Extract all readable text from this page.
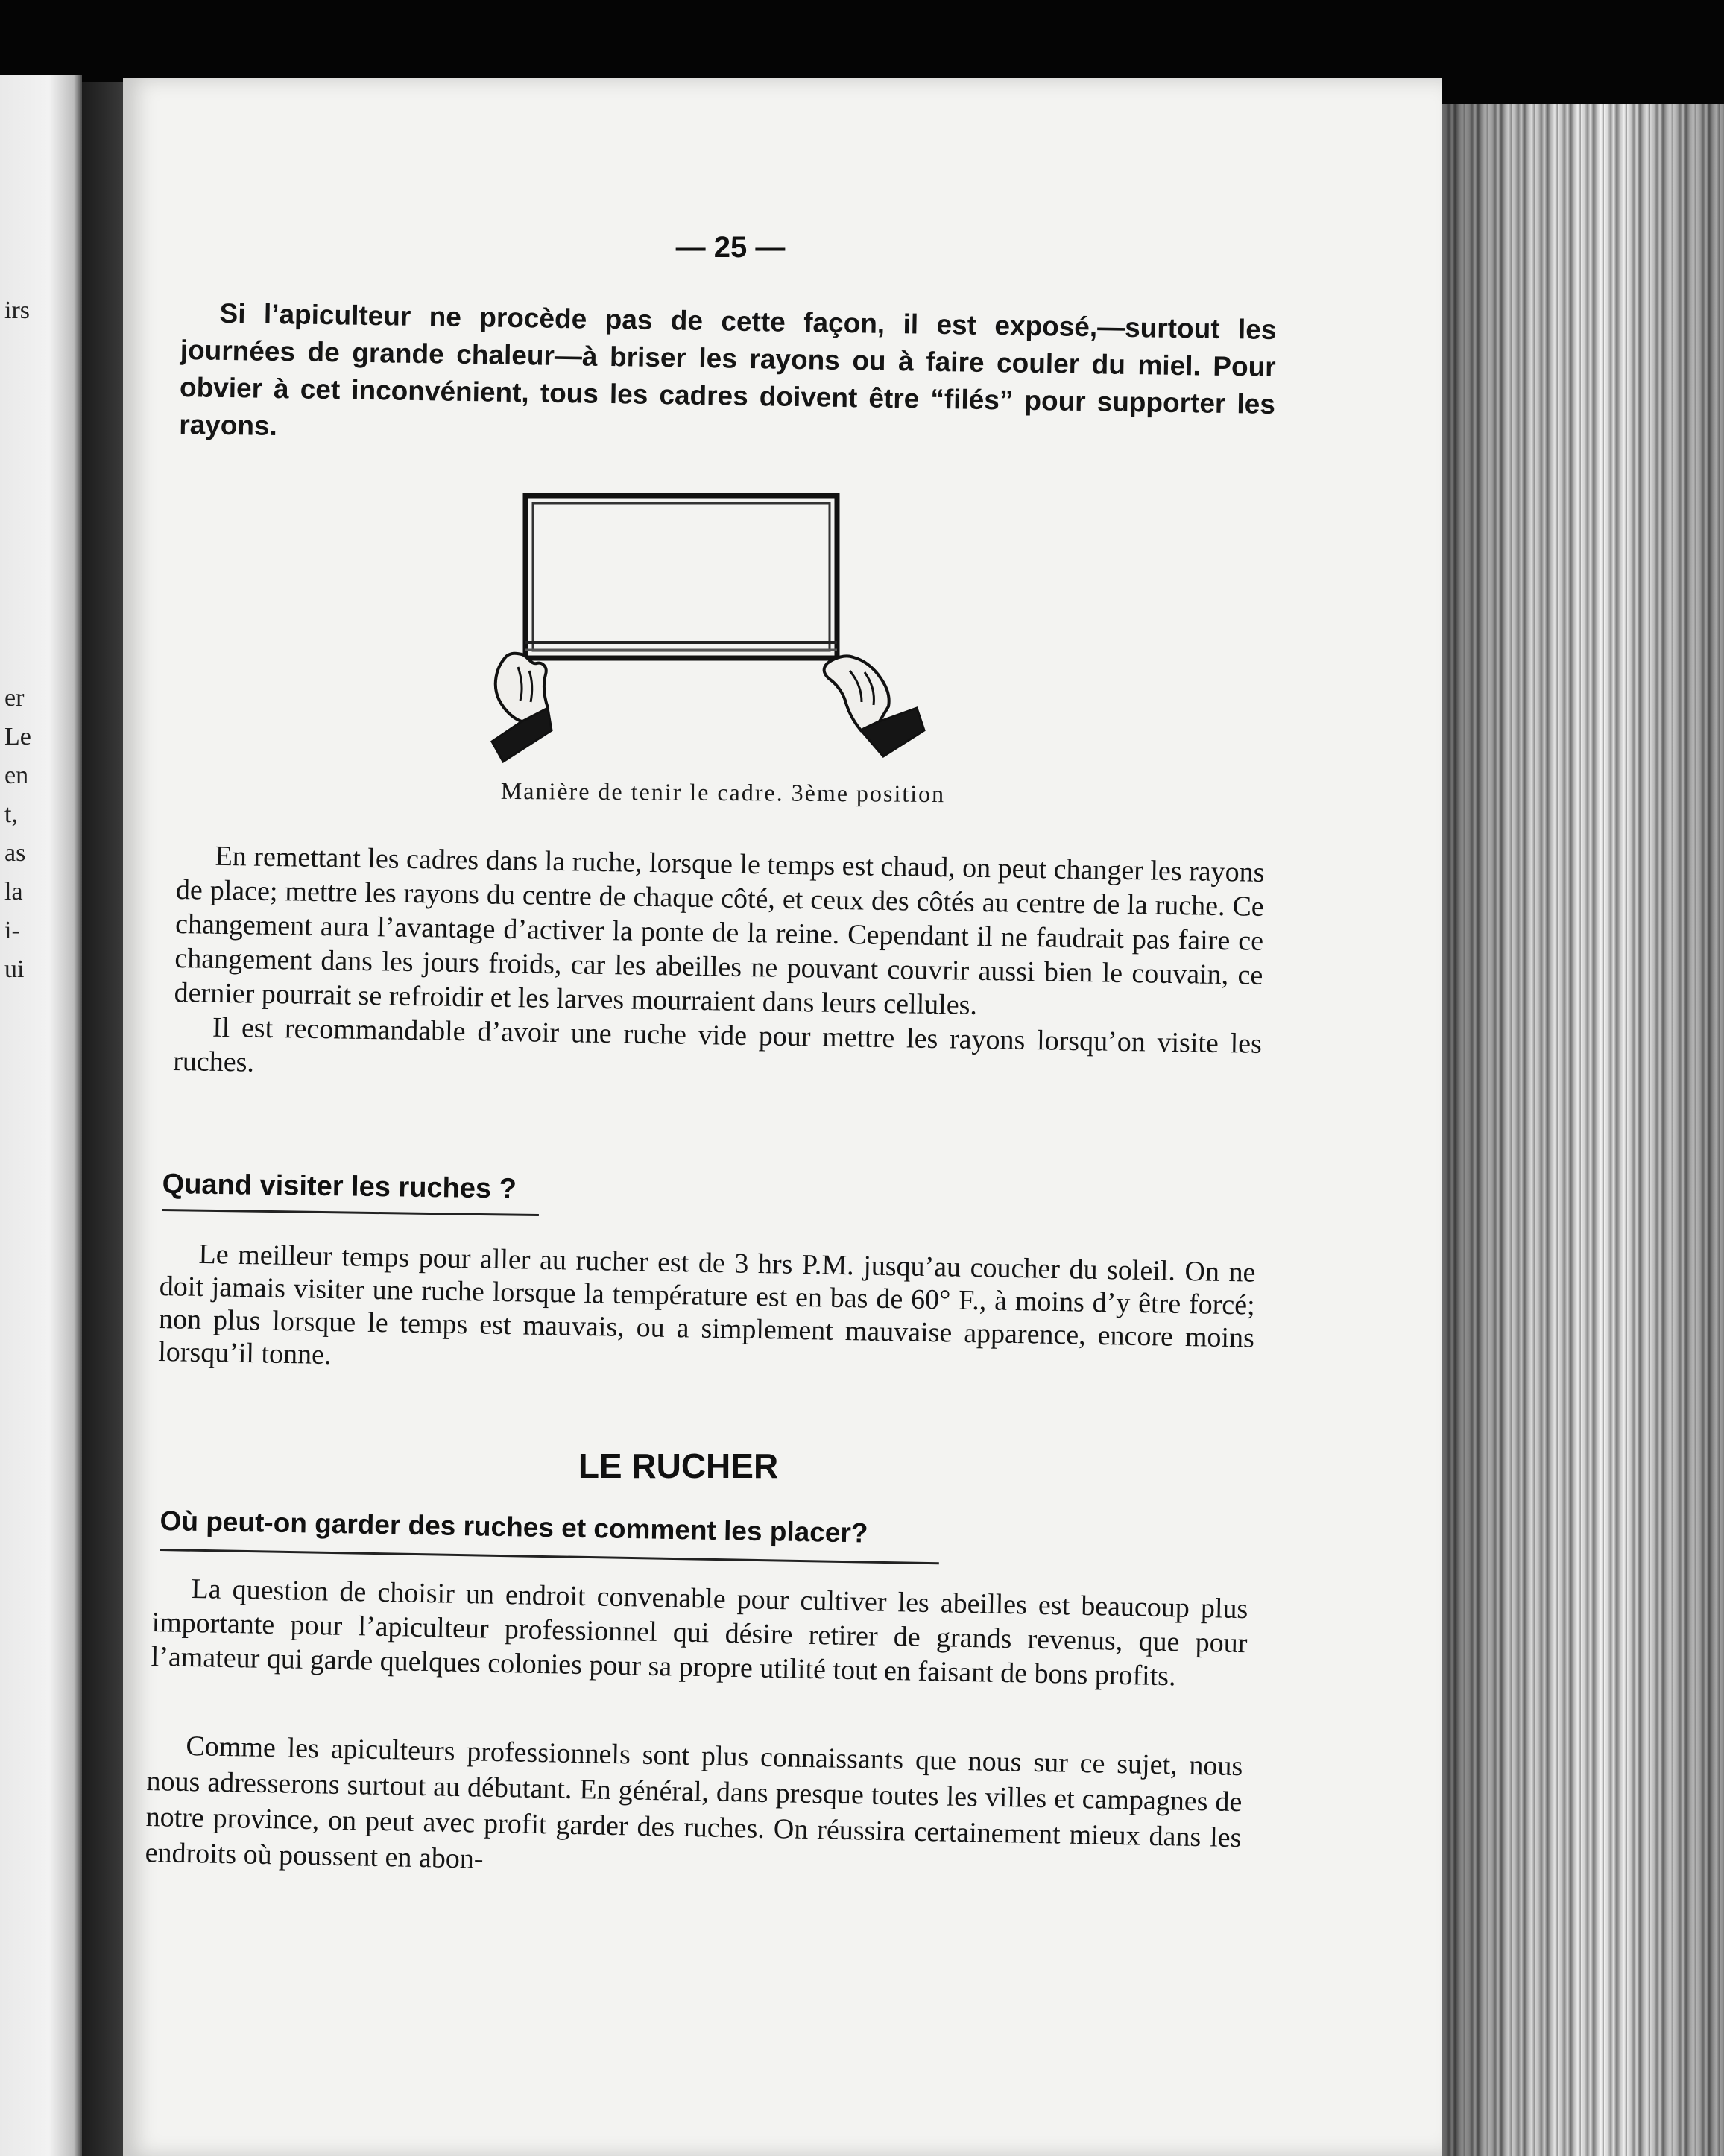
irs
er
Le
en
t,
as
la
i-
ui
— 25 —

Si l’apiculteur ne procède pas de cette façon, il est exposé,—surtout les journées de grande chaleur—à briser les rayons ou à faire couler du miel. Pour obvier à cet inconvénient, tous les cadres doivent être “filés” pour supporter les rayons.

Manière de tenir le cadre. 3ème position

En remettant les cadres dans la ruche, lorsque le temps est chaud, on peut changer les rayons de place; mettre les rayons du centre de chaque côté, et ceux des côtés au centre de la ruche. Ce changement aura l’avantage d’activer la ponte de la reine. Cependant il ne faudrait pas faire ce changement dans les jours froids, car les abeilles ne pouvant couvrir aussi bien le couvain, ce dernier pourrait se refroidir et les larves mourraient dans leurs cellules.

Il est recommandable d’avoir une ruche vide pour mettre les rayons lorsqu’on visite les ruches.

Quand visiter les ruches ?

Le meilleur temps pour aller au rucher est de 3 hrs P.M. jusqu’au coucher du soleil. On ne doit jamais visiter une ruche lorsque la température est en bas de 60° F., à moins d’y être forcé; non plus lorsque le temps est mauvais, ou a simplement mauvaise apparence, encore moins lorsqu’il tonne.

LE RUCHER
Où peut-on garder des ruches et comment les placer?

La question de choisir un endroit convenable pour cultiver les abeilles est beaucoup plus importante pour l’apiculteur professionnel qui désire retirer de grands revenus, que pour l’amateur qui garde quelques colonies pour sa propre utilité tout en faisant de bons profits.

Comme les apiculteurs professionnels sont plus connaissants que nous sur ce sujet, nous nous adresserons surtout au débutant. En général, dans presque toutes les villes et campagnes de notre province, on peut avec profit garder des ruches. On réussira certainement mieux dans les endroits où poussent en abon-
